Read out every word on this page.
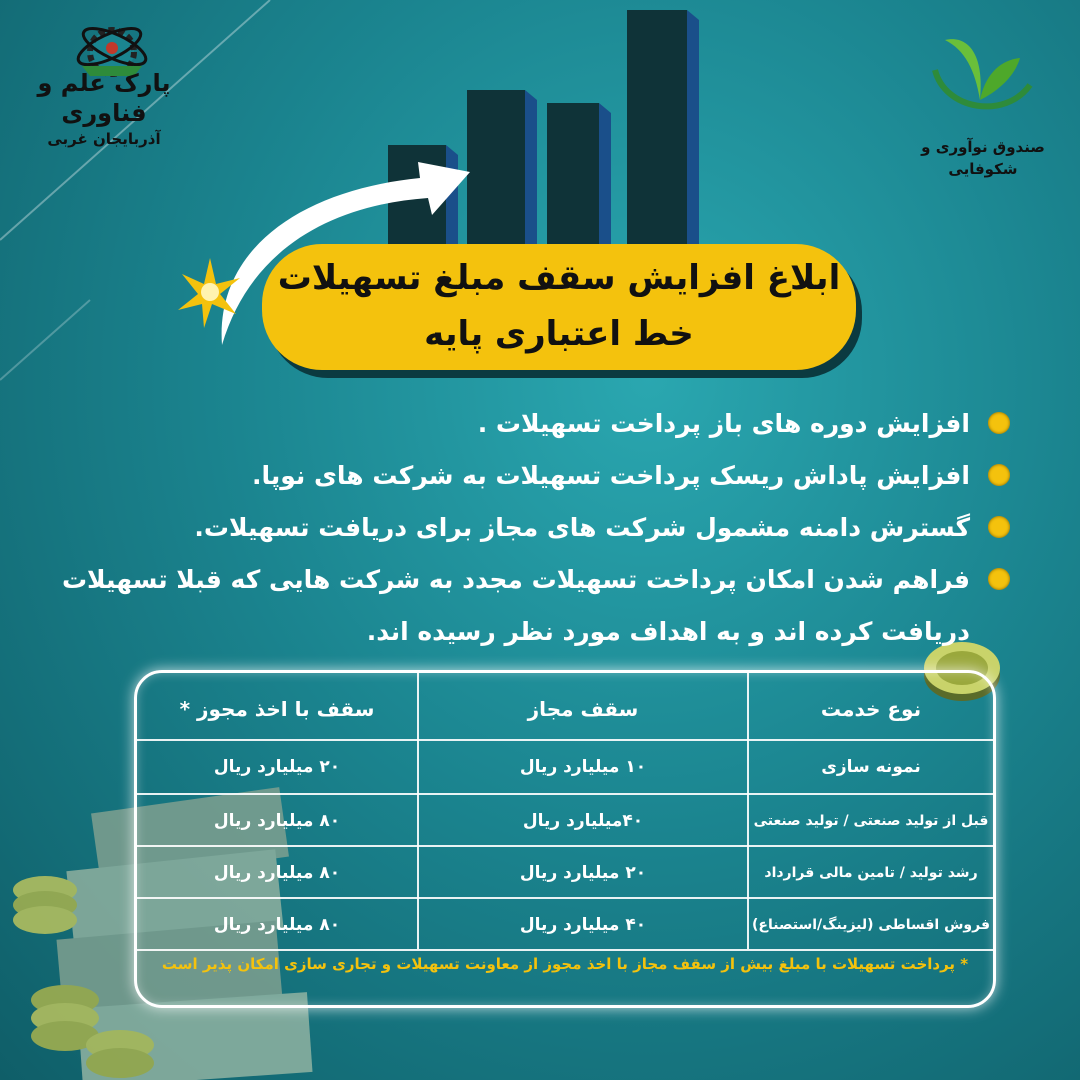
پارک علم و فناوری
آذربایجان غربی	صندوق نوآوری و شکوفایی
ابلاغ افزایش سقف مبلغ تسهیلات
خط اعتباری پایه
افزایش دوره های باز پرداخت تسهیلات .
افزایش پاداش ریسک پرداخت تسهیلات به شرکت های نوپا.
گسترش دامنه مشمول شرکت های مجاز برای دریافت تسهیلات.
فراهم شدن امکان پرداخت تسهیلات مجدد به شرکت هایی که قبلا تسهیلات دریافت کرده اند و به اهداف مورد نظر رسیده اند.
نوع خدمت
سقف مجاز
سقف با اخذ مجوز *
نمونه سازی
۱۰ میلیارد ریال
۲۰ میلیارد ریال
قبل از تولید صنعتی / تولید صنعتی
۴۰میلیارد ریال
۸۰ میلیارد ریال
رشد تولید / تامین مالی قرارداد
۲۰ میلیارد ریال
۸۰ میلیارد ریال
فروش اقساطی (لیزینگ/استصناع)
۴۰ میلیارد ریال
۸۰ میلیارد ریال
* پرداخت تسهیلات با مبلغ بیش از سقف مجاز با اخذ مجوز از معاونت تسهیلات و تجاری سازی امکان پذیر است
